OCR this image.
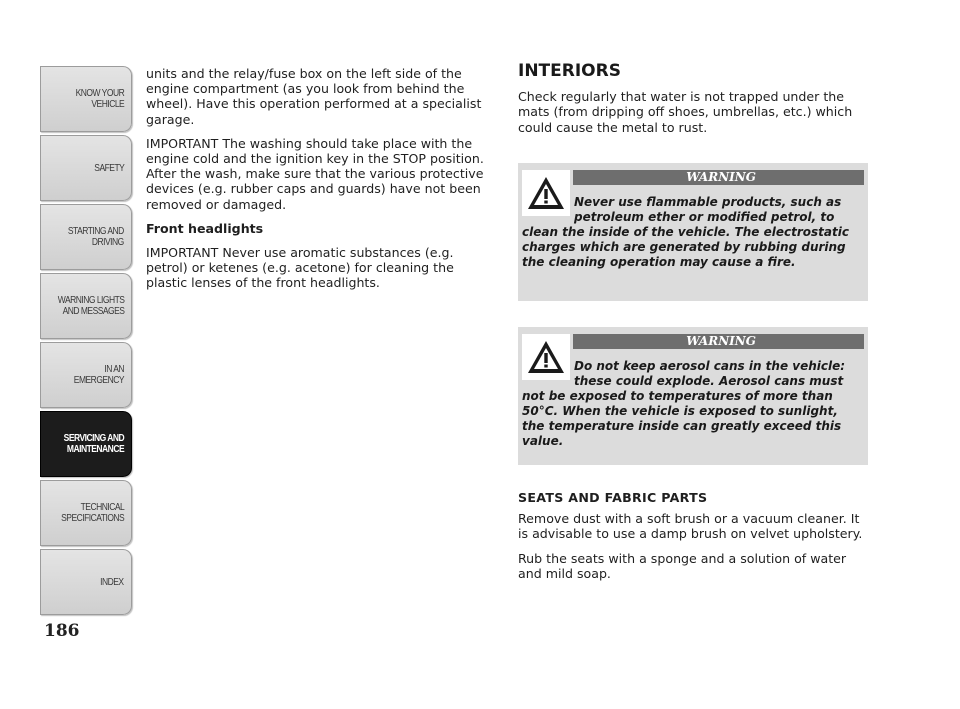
KNOW YOUR
VEHICLE
SAFETY
STARTING AND
DRIVING
WARNING LIGHTS
AND MESSAGES
IN AN EMERGENCY
SERVICING AND
MAINTENANCE
TECHNICAL
SPECIFICATIONS
INDEX
186

units and the relay/fuse box on the left side of the engine compartment (as you look from behind the wheel). Have this operation performed at a specialist garage.

IMPORTANT The washing should take place with the engine cold and the ignition key in the STOP position. After the wash, make sure that the various protective devices (e.g. rubber caps and guards) have not been removed or damaged.

Front headlights

IMPORTANT Never use aromatic substances (e.g. petrol) or ketenes (e.g. acetone) for cleaning the plastic lenses of the front headlights.

INTERIORS

Check regularly that water is not trapped under the mats (from dripping off shoes, umbrellas, etc.) which could cause the metal to rust.

WARNING
Never use flammable products, such as petroleum ether or modified petrol, to clean the inside of the vehicle. The electrostatic charges which are generated by rubbing during the cleaning operation may cause a fire.
WARNING
Do not keep aerosol cans in the vehicle: these could explode. Aerosol cans must not be exposed to temperatures of more than 50°C. When the vehicle is exposed to sunlight, the temperature inside can greatly exceed this value.
SEATS AND FABRIC PARTS

Remove dust with a soft brush or a vacuum cleaner. It is advisable to use a damp brush on velvet upholstery.

Rub the seats with a sponge and a solution of water and mild soap.
